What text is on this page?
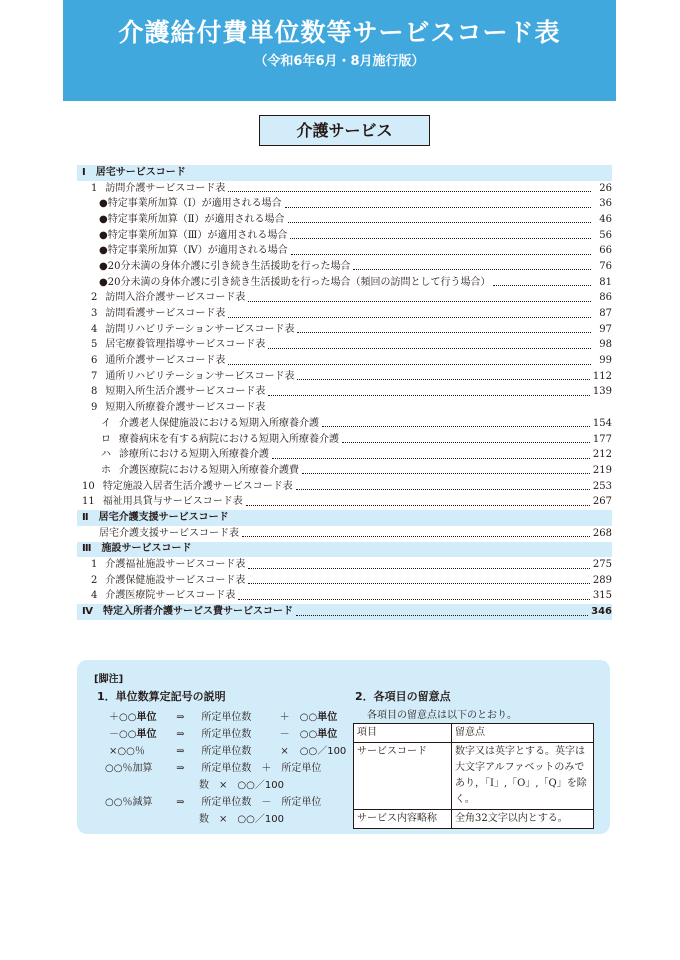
介護給付費単位数等サービスコード表
（令和6年6月・8月施行版）
介護サービス
Ⅰ 居宅サービスコード
1 訪問介護サービスコード表	26
● 特定事業所加算（Ⅰ）が適用される場合	36
● 特定事業所加算（Ⅱ）が適用される場合	46
● 特定事業所加算（Ⅲ）が適用される場合	56
● 特定事業所加算（Ⅳ）が適用される場合	66
● 20分未満の身体介護に引き続き生活援助を行った場合	76
● 20分未満の身体介護に引き続き生活援助を行った場合（頻回の訪問として行う場合）	81
2 訪問入浴介護サービスコード表	86
3 訪問看護サービスコード表	87
4 訪問リハビリテーションサービスコード表	97
5 居宅療養管理指導サービスコード表	98
6 通所介護サービスコード表	99
7 通所リハビリテーションサービスコード表	112
8 短期入所生活介護サービスコード表	139
9 短期入所療養介護サービスコード表
イ 介護老人保健施設における短期入所療養介護	154
ロ 療養病床を有する病院における短期入所療養介護	177
ハ 診療所における短期入所療養介護	212
ホ 介護医療院における短期入所療養介護費	219
10 特定施設入居者生活介護サービスコード表	253
11 福祉用具貸与サービスコード表	267
Ⅱ 居宅介護支援サービスコード
居宅介護支援サービスコード表	268
Ⅲ 施設サービスコード
1 介護福祉施設サービスコード表	275
2 介護保健施設サービスコード表	289
4 介護医療院サービスコード表	315
Ⅳ 特定入所者介護サービス費サービスコード	346
[脚注]
1．単位数算定記号の説明
＋○○単位 ⇒ 所定単位数	＋ ○○単位
－○○単位 ⇒ 所定単位数	－ ○○単位
×○○％	⇒ 所定単位数	× ○○／100
○○％加算 ⇒ 所定単位数　＋　所定単位
数　×　○○／100
○○％減算 ⇒ 所定単位数　－　所定単位
数　×　○○／100
2．各項目の留意点
各項目の留意点は以下のとおり。
項目	留意点
サービスコード	数字又は英字とする。英字は大文字アルファベットのみであり，「I」,「O」,「Q」を除く。
サービス内容略称	全角32文字以内とする。
